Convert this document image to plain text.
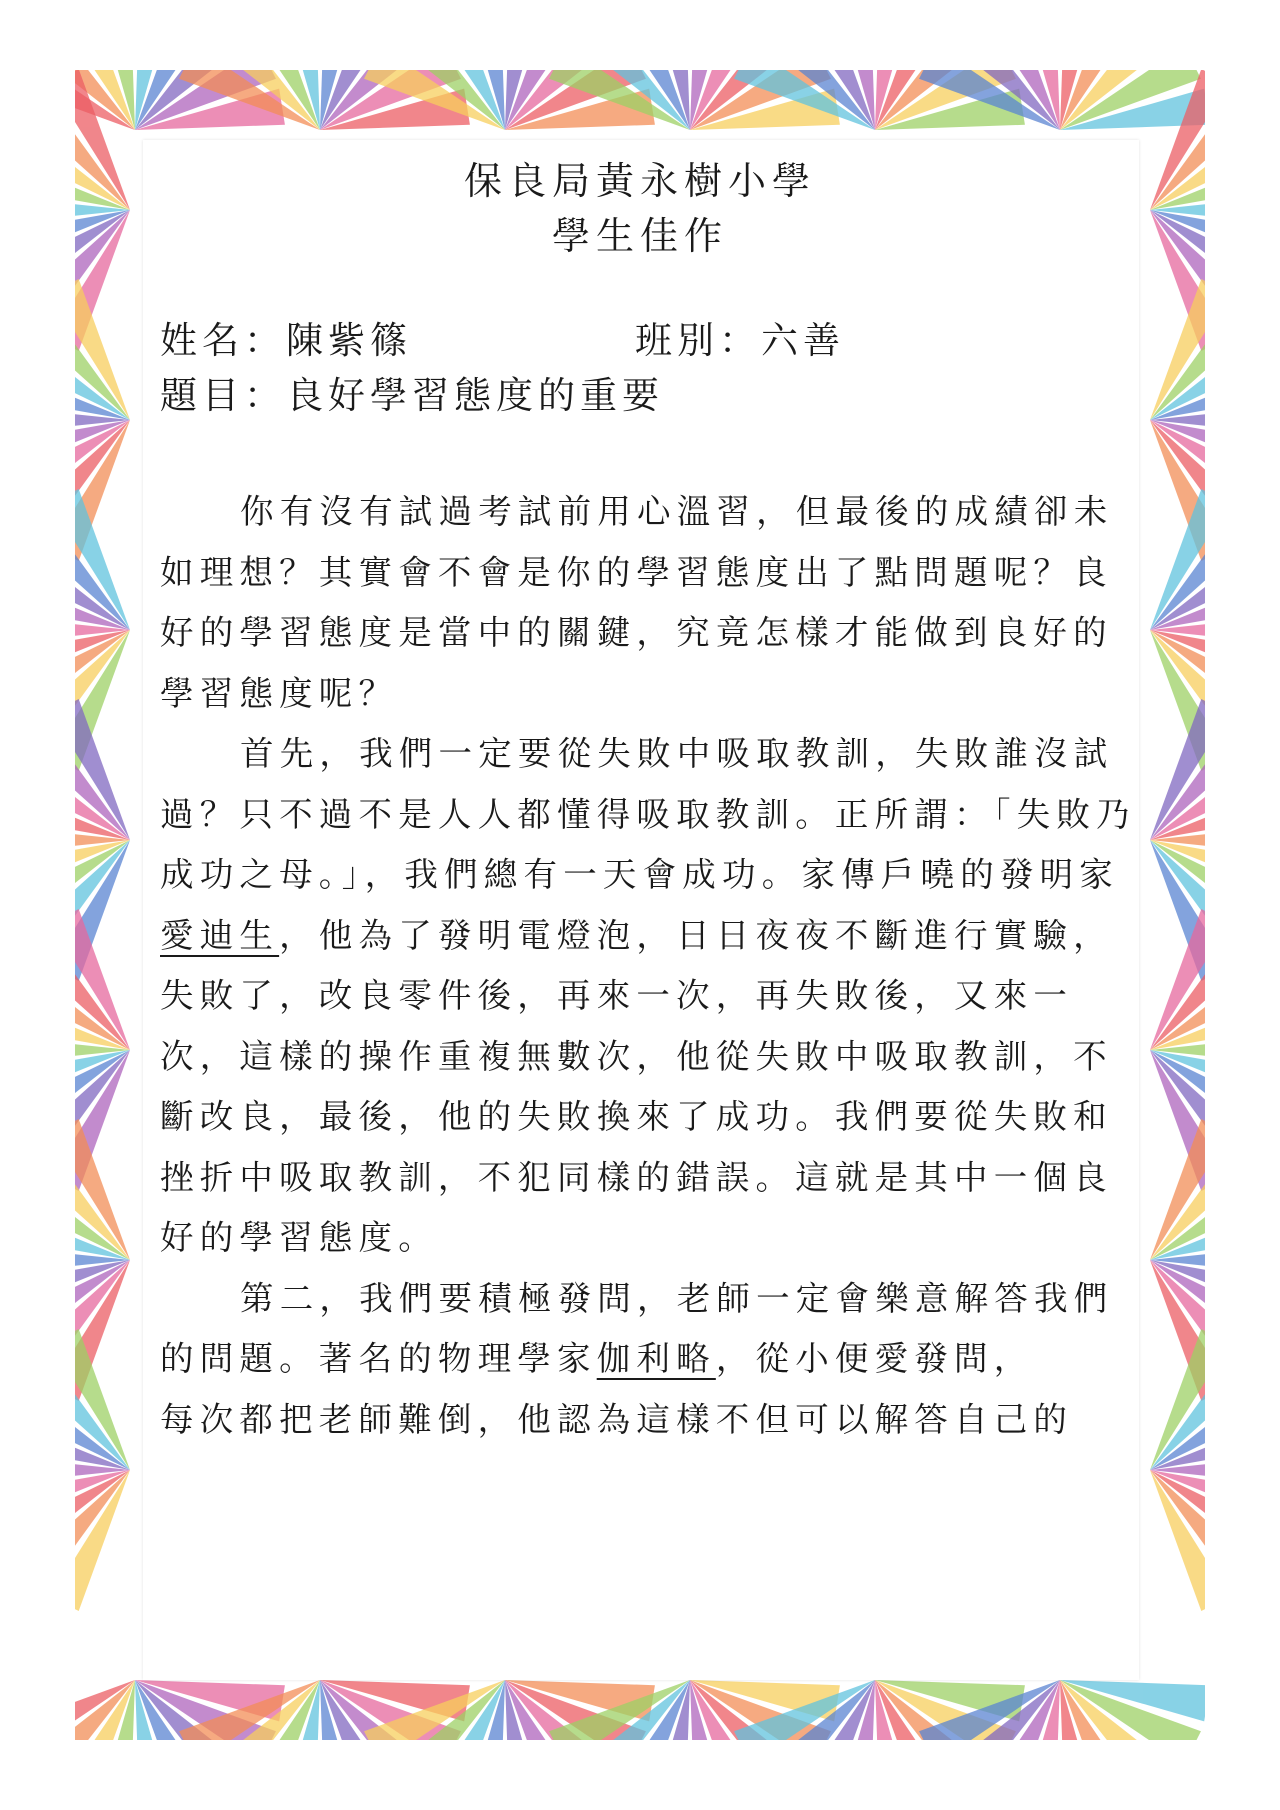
保良局黃永樹小學
學生佳作
姓名：陳紫篠	班別：六善
題目：良好學習態度的重要
你有沒有試過考試前用心溫習，但最後的成績卻未
如理想？其實會不會是你的學習態度出了點問題呢？良
好的學習態度是當中的關鍵，究竟怎樣才能做到良好的
學習態度呢？
首先，我們一定要從失敗中吸取教訓，失敗誰沒試
過？只不過不是人人都懂得吸取教訓。正所謂：「失敗乃
成功之母。」，我們總有一天會成功。家傳戶曉的發明家
愛迪生，他為了發明電燈泡，日日夜夜不斷進行實驗，
失敗了，改良零件後，再來一次，再失敗後，又來一
次，這樣的操作重複無數次，他從失敗中吸取教訓，不
斷改良，最後，他的失敗換來了成功。我們要從失敗和
挫折中吸取教訓，不犯同樣的錯誤。這就是其中一個良
好的學習態度。
第二，我們要積極發問，老師一定會樂意解答我們
的問題。著名的物理學家伽利略，從小便愛發問，
每次都把老師難倒，他認為這樣不但可以解答自己的
